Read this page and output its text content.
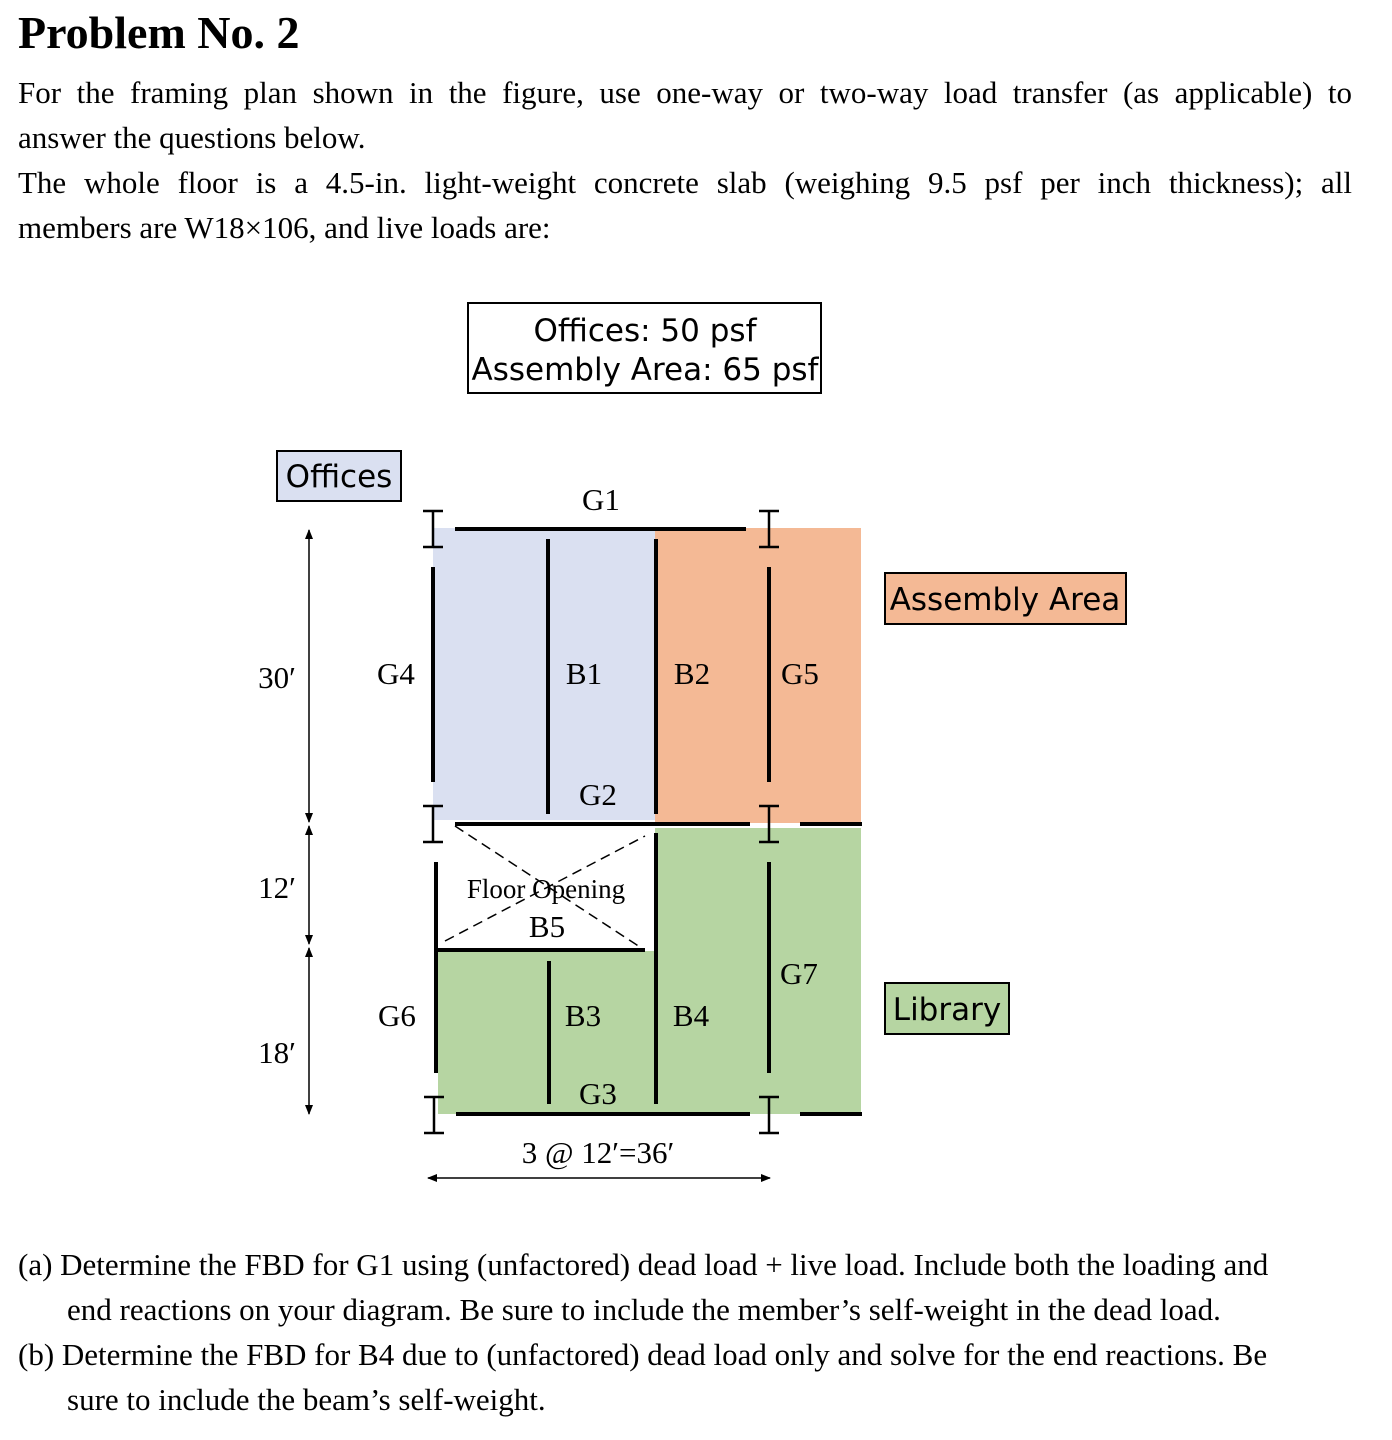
Problem No. 2

For the framing plan shown in the figure, use one-way or two-way load transfer (as applicable) to

answer the questions below.

The whole floor is a 4.5-in. light-weight concrete slab (weighing 9.5 psf per inch thickness); all

members are W18×106, and live loads are:

Offices: 50 psf
Assembly Area: 65 psf
G1
G2
G3
G4	G5
G6
G7
B1 B2
B3 B4
B5
Floor Opening
Offices
Assembly Area
Library
30′
12′
18′
3 @ 12′=36′
(a) Determine the FBD for G1 using (unfactored) dead load + live load. Include both the loading and
end reactions on your diagram. Be sure to include the member’s self-weight in the dead load.
(b) Determine the FBD for B4 due to (unfactored) dead load only and solve for the end reactions. Be
sure to include the beam’s self-weight.
